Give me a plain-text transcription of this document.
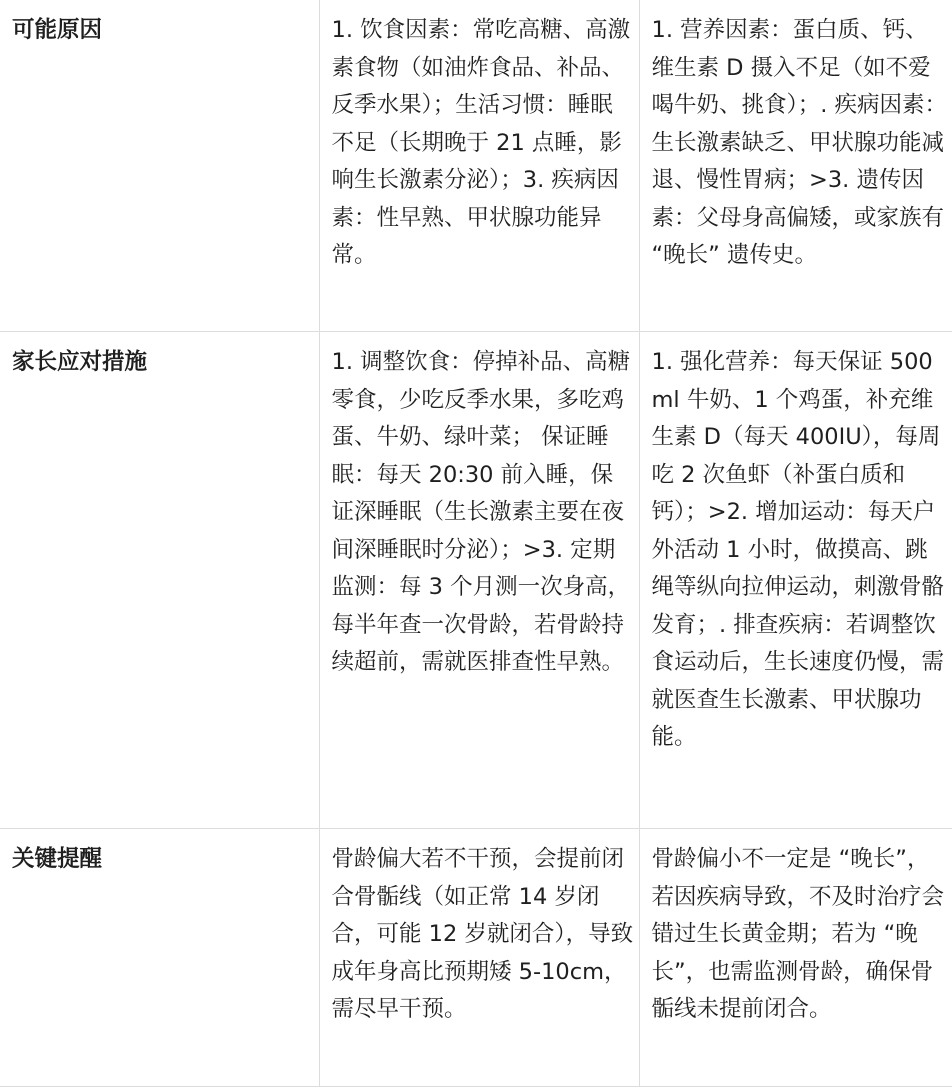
可能原因	1. 饮食因素：常吃高糖、高激素食物（如油炸食品、补品、反季水果）；生活习惯：睡眠不足（长期晚于 21 点睡，影响生长激素分泌）；3. 疾病因素：性早熟、甲状腺功能异常。	1. 营养因素：蛋白质、钙、维生素 D 摄入不足（如不爱喝牛奶、挑食）；. 疾病因素：生长激素缺乏、甲状腺功能减退、慢性胃病；>3. 遗传因素：父母身高偏矮，或家族有 “晚长” 遗传史。
家长应对措施	1. 调整饮食：停掉补品、高糖零食，少吃反季水果，多吃鸡蛋、牛奶、绿叶菜； 保证睡眠：每天 20:30 前入睡，保证深睡眠（生长激素主要在夜间深睡眠时分泌）；>3. 定期监测：每 3 个月测一次身高，每半年查一次骨龄，若骨龄持续超前，需就医排查性早熟。	1. 强化营养：每天保证 500ml 牛奶、1 个鸡蛋，补充维生素 D（每天 400IU），每周吃 2 次鱼虾（补蛋白质和钙）；>2. 增加运动：每天户外活动 1 小时，做摸高、跳绳等纵向拉伸运动，刺激骨骼发育；. 排查疾病：若调整饮食运动后，生长速度仍慢，需就医查生长激素、甲状腺功能。
关键提醒	骨龄偏大若不干预，会提前闭合骨骺线（如正常 14 岁闭合，可能 12 岁就闭合），导致成年身高比预期矮 5-10cm，需尽早干预。	骨龄偏小不一定是 “晚长”，若因疾病导致，不及时治疗会错过生长黄金期；若为 “晚长”，也需监测骨龄，确保骨骺线未提前闭合。
